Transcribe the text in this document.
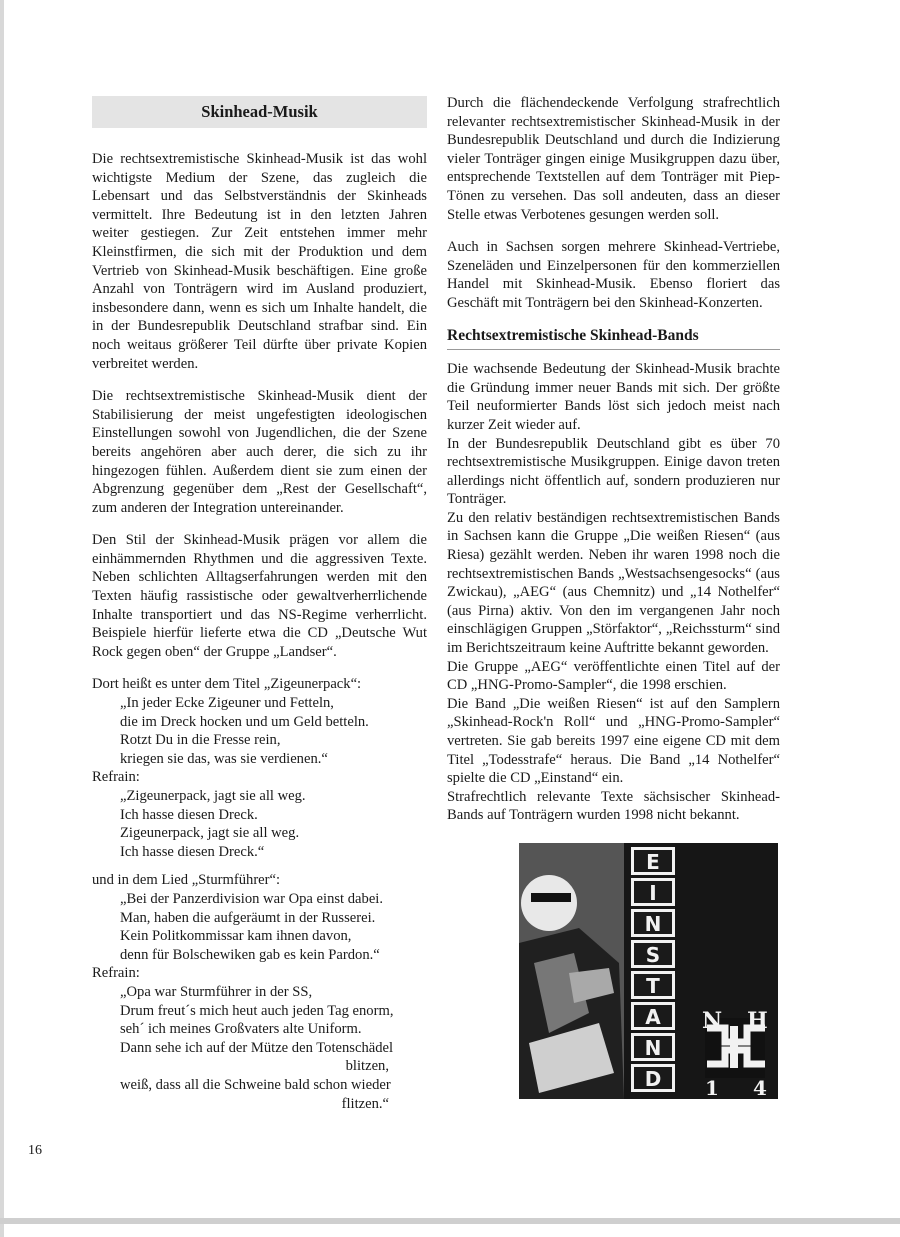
Skinhead-Musik

Die rechtsextremistische Skinhead-Musik ist das wohl wichtigste Medium der Szene, das zugleich die Lebensart und das Selbstverständnis der Skinheads vermittelt. Ihre Bedeutung ist in den letzten Jahren weiter gestiegen. Zur Zeit entstehen immer mehr Kleinstfirmen, die sich mit der Produktion und dem Vertrieb von Skinhead-Musik beschäftigen. Eine große Anzahl von Tonträgern wird im Ausland produziert, insbesondere dann, wenn es sich um Inhalte handelt, die in der Bundesrepublik Deutschland strafbar sind. Ein noch weitaus größerer Teil dürfte über private Kopien verbreitet werden.

Die rechtsextremistische Skinhead-Musik dient der Stabilisierung der meist ungefestigten ideologischen Einstellungen sowohl von Jugendlichen, die der Szene bereits angehören aber auch derer, die sich zu ihr hingezogen fühlen. Außerdem dient sie zum einen der Abgrenzung gegenüber dem „Rest der Gesellschaft“, zum anderen der Integration untereinander.

Den Stil der Skinhead-Musik prägen vor allem die einhämmernden Rhythmen und die aggressiven Texte. Neben schlichten Alltagserfahrungen werden mit den Texten häufig rassistische oder gewaltverherrlichende Inhalte transportiert und das NS-Regime verherrlicht. Beispiele hierfür lieferte etwa die CD „Deutsche Wut Rock gegen oben“ der Gruppe „Landser“.

Dort heißt es unter dem Titel „Zigeunerpack“:

„In jeder Ecke Zigeuner und Fetteln,
die im Dreck hocken und um Geld betteln.
Rotzt Du in die Fresse rein,
kriegen sie das, was sie verdienen.“
Refrain:
„Zigeunerpack, jagt sie all weg.
Ich hasse diesen Dreck.
Zigeunerpack, jagt sie all weg.
Ich hasse diesen Dreck.“

und in dem Lied „Sturmführer“:

„Bei der Panzerdivision war Opa einst dabei.
Man, haben die aufgeräumt in der Russerei.
Kein Politkommissar kam ihnen davon,
denn für Bolschewiken gab es kein Pardon.“
Refrain:
„Opa war Sturmführer in der SS,
Drum freut´s mich heut auch jeden Tag enorm,
seh´ ich meines Großvaters alte Uniform.
Dann sehe ich auf der Mütze den Totenschädel
blitzen,
weiß, dass all die Schweine bald schon wieder
flitzen.“

Durch die flächendeckende Verfolgung strafrechtlich relevanter rechtsextremistischer Skinhead-Musik in der Bundesrepublik Deutschland und durch die Indizierung vieler Tonträger gingen einige Musikgruppen dazu über, entsprechende Textstellen auf dem Tonträger mit Piep-Tönen zu versehen. Das soll andeuten, dass an dieser Stelle etwas Verbotenes gesungen werden soll.

Auch in Sachsen sorgen mehrere Skinhead-Vertriebe, Szeneläden und Einzelpersonen für den kommerziellen Handel mit Skinhead-Musik. Ebenso floriert das Geschäft mit Tonträgern bei den Skinhead-Konzerten.

Rechtsextremistische Skinhead-Bands

Die wachsende Bedeutung der Skinhead-Musik brachte die Gründung immer neuer Bands mit sich. Der größte Teil neuformierter Bands löst sich jedoch meist nach kurzer Zeit wieder auf.

In der Bundesrepublik Deutschland gibt es über 70 rechtsextremistische Musikgruppen. Einige davon treten allerdings nicht öffentlich auf, sondern produzieren nur Tonträger.

Zu den relativ beständigen rechtsextremistischen Bands in Sachsen kann die Gruppe „Die weißen Riesen“ (aus Riesa) gezählt werden. Neben ihr waren 1998 noch die rechtsextremistischen Bands „Westsachsengesocks“ (aus Zwickau), „AEG“ (aus Chemnitz) und „14 Nothelfer“ (aus Pirna) aktiv. Von den im vergangenen Jahr noch einschlägigen Gruppen „Störfaktor“, „Reichssturm“ sind im Berichtszeitraum keine Auftritte bekannt geworden.

Die Gruppe „AEG“ veröffentlichte einen Titel auf der CD „HNG-Promo-Sampler“, die 1998 erschien.

Die Band „Die weißen Riesen“ ist auf den Samplern „Skinhead-Rock'n Roll“ und „HNG-Promo-Sampler“ vertreten. Sie gab bereits 1997 eine eigene CD mit dem Titel „Todesstrafe“ heraus. Die Band „14 Nothelfer“ spielte die CD „Einstand“ ein.

Strafrechtlich relevante Texte sächsischer Skinhead-Bands auf Tonträgern wurden 1998 nicht bekannt.

E
I
N
S
T
A
N
D
N H
1 4
16
